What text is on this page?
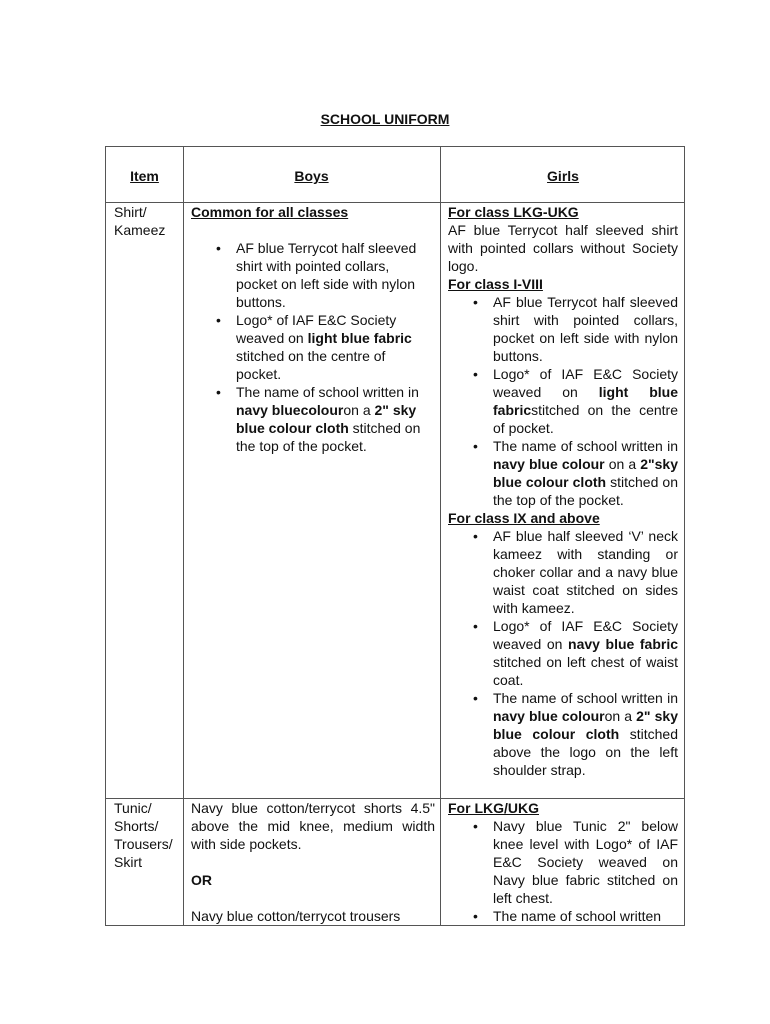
SCHOOL UNIFORM
Item	Boys	Girls
Shirt/
Kameez
Common for all classes
• AF blue Terrycot half sleeved shirt with pointed collars, pocket on left side with nylon buttons.
• Logo* of IAF E&C Society weaved on light blue fabric stitched on the centre of pocket.
• The name of school written in navy bluecolouron a 2" sky blue colour cloth stitched on the top of the pocket.
For class LKG-UKG
AF blue Terrycot half sleeved shirt with pointed collars without Society logo.
For class I-VIII
• AF blue Terrycot half sleeved shirt with pointed collars, pocket on left side with nylon buttons.
• Logo* of IAF E&C Society weaved on light blue fabricstitched on the centre of pocket.
• The name of school written in navy blue colour on a 2"sky blue colour cloth stitched on the top of the pocket.
For class IX and above
• AF blue half sleeved ‘V’ neck kameez with standing or choker collar and a navy blue waist coat stitched on sides with kameez.
• Logo* of IAF E&C Society weaved on navy blue fabric stitched on left chest of waist coat.
• The name of school written in navy blue colouron a 2" sky blue colour cloth stitched above the logo on the left shoulder strap.
Tunic/
Shorts/
Trousers/
Skirt
Navy blue cotton/terrycot shorts 4.5" above the mid knee, medium width with side pockets.
OR
Navy blue cotton/terrycot trousers
For LKG/UKG
• Navy blue Tunic 2" below knee level with Logo* of IAF E&C Society weaved on Navy blue fabric stitched on left chest.
• The name of school written
